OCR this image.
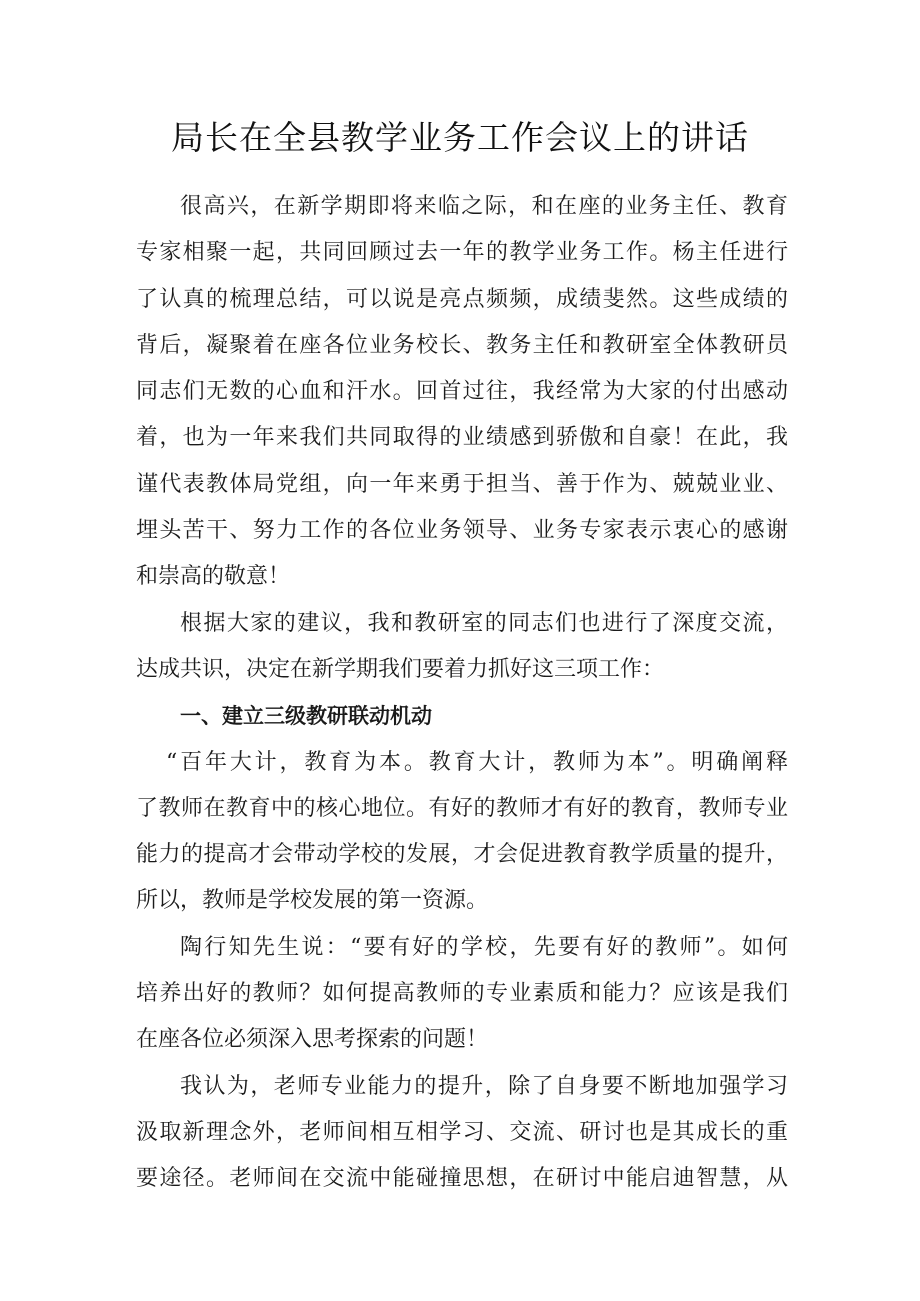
局长在全县教学业务工作会议上的讲话
很高兴，在新学期即将来临之际，和在座的业务主任、教育
专家相聚一起，共同回顾过去一年的教学业务工作。杨主任进行
了认真的梳理总结，可以说是亮点频频，成绩斐然。这些成绩的
背后，凝聚着在座各位业务校长、教务主任和教研室全体教研员
同志们无数的心血和汗水。回首过往，我经常为大家的付出感动
着，也为一年来我们共同取得的业绩感到骄傲和自豪！在此，我
谨代表教体局党组，向一年来勇于担当、善于作为、兢兢业业、
埋头苦干、努力工作的各位业务领导、业务专家表示衷心的感谢
和崇高的敬意！
根据大家的建议，我和教研室的同志们也进行了深度交流，
达成共识，决定在新学期我们要着力抓好这三项工作：
一、建立三级教研联动机动
“百年大计，教育为本。教育大计，教师为本”。明确阐释
了教师在教育中的核心地位。有好的教师才有好的教育，教师专业
能力的提高才会带动学校的发展，才会促进教育教学质量的提升，
所以，教师是学校发展的第一资源。
陶行知先生说：“要有好的学校，先要有好的教师”。如何
培养出好的教师？如何提高教师的专业素质和能力？应该是我们
在座各位必须深入思考探索的问题！
我认为，老师专业能力的提升，除了自身要不断地加强学习
汲取新理念外，老师间相互相学习、交流、研讨也是其成长的重
要途径。老师间在交流中能碰撞思想，在研讨中能启迪智慧，从
